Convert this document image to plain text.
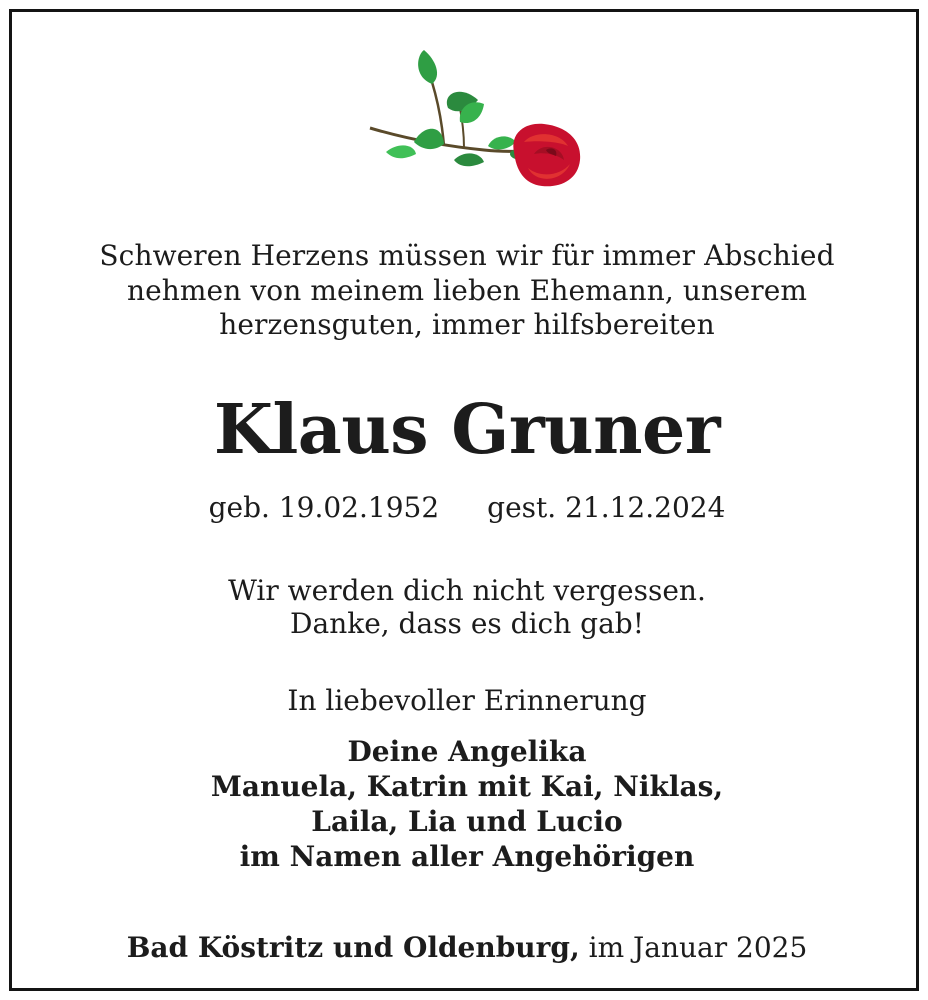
Schweren Herzens müssen wir für immer Abschied
nehmen von meinem lieben Ehemann, unserem
herzensguten, immer hilfsbereiten
Klaus Gruner
geb. 19.02.1952 gest. 21.12.2024
Wir werden dich nicht vergessen.
Danke, dass es dich gab!
In liebevoller Erinnerung
Deine Angelika
Manuela, Katrin mit Kai, Niklas,
Laila, Lia und Lucio
im Namen aller Angehörigen
Bad Köstritz und Oldenburg, im Januar 2025
